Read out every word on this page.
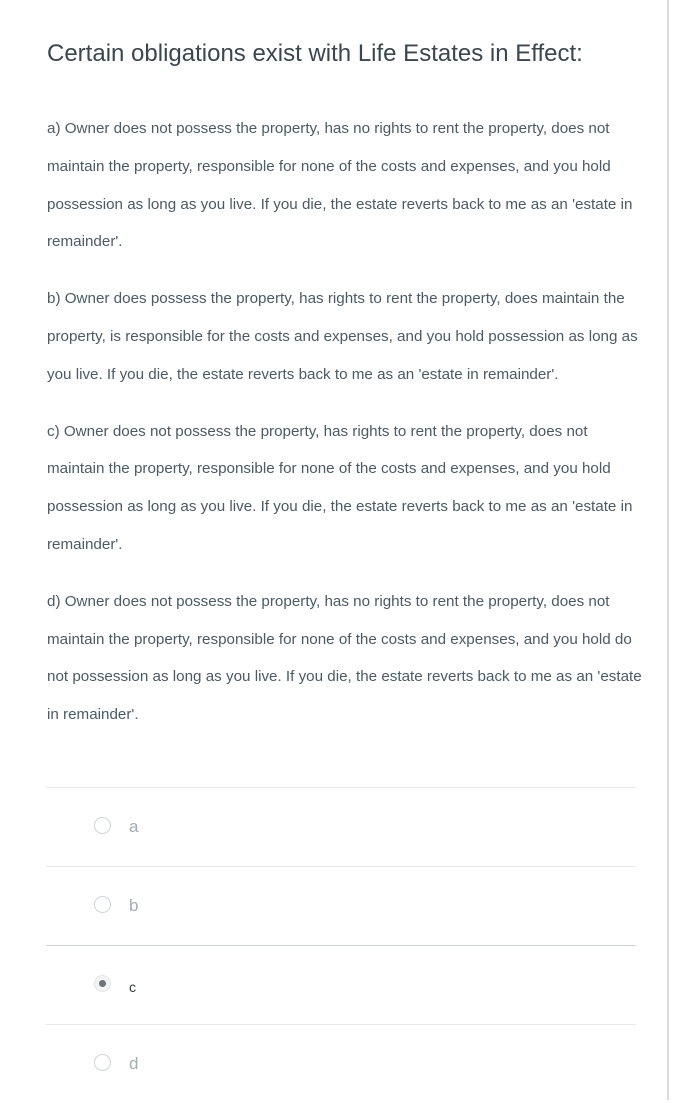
Certain obligations exist with Life Estates in Effect:

a) Owner does not possess the property, has no rights to rent the property, does not maintain the property, responsible for none of the costs and expenses, and you hold possession as long as you live. If you die, the estate reverts back to me as an 'estate in remainder'.

b) Owner does possess the property, has rights to rent the property, does maintain the property, is responsible for the costs and expenses, and you hold possession as long as you live. If you die, the estate reverts back to me as an 'estate in remainder'.

c) Owner does not possess the property, has rights to rent the property, does not maintain the property, responsible for none of the costs and expenses, and you hold possession as long as you live. If you die, the estate reverts back to me as an 'estate in remainder'.

d) Owner does not possess the property, has no rights to rent the property, does not maintain the property, responsible for none of the costs and expenses, and you hold do not possession as long as you live. If you die, the estate reverts back to me as an 'estate in remainder'.

a
b
c
d
